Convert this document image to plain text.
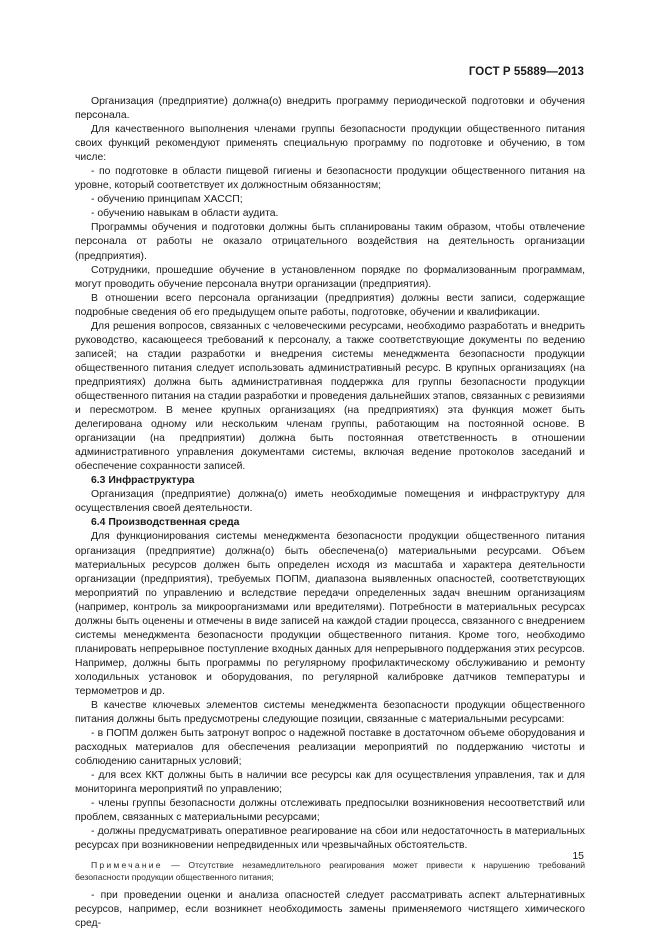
ГОСТ Р 55889—2013

Организация (предприятие) должна(о) внедрить программу периодической подготовки и обучения персонала.

Для качественного выполнения членами группы безопасности продукции общественного питания своих функций рекомендуют применять специальную программу по подготовке и обучению, в том числе:

- по подготовке в области пищевой гигиены и безопасности продукции общественного питания на уровне, который соответствует их должностным обязанностям;

- обучению принципам ХАССП;

- обучению навыкам в области аудита.

Программы обучения и подготовки должны быть спланированы таким образом, чтобы отвлечение персонала от работы не оказало отрицательного воздействия на деятельность организации (предприятия).

Сотрудники, прошедшие обучение в установленном порядке по формализованным программам, могут проводить обучение персонала внутри организации (предприятия).

В отношении всего персонала организации (предприятия) должны вести записи, содержащие подробные сведения об его предыдущем опыте работы, подготовке, обучении и квалификации.

Для решения вопросов, связанных с человеческими ресурсами, необходимо разработать и внедрить руководство, касающееся требований к персоналу, а также соответствующие документы по ведению записей; на стадии разработки и внедрения системы менеджмента безопасности продукции общественного питания следует использовать административный ресурс. В крупных организациях (на предприятиях) должна быть административная поддержка для группы безопасности продукции общественного питания на стадии разработки и проведения дальнейших этапов, связанных с ревизиями и пересмотром. В менее крупных организациях (на предприятиях) эта функция может быть делегирована одному или нескольким членам группы, работающим на постоянной основе. В организации (на предприятии) должна быть постоянная ответственность в отношении административного управления документами системы, включая ведение протоколов заседаний и обеспечение сохранности записей.

6.3 Инфраструктура

Организация (предприятие) должна(о) иметь необходимые помещения и инфраструктуру для осуществления своей деятельности.

6.4 Производственная среда

Для функционирования системы менеджмента безопасности продукции общественного питания организация (предприятие) должна(о) быть обеспечена(о) материальными ресурсами. Объем материальных ресурсов должен быть определен исходя из масштаба и характера деятельности организации (предприятия), требуемых ПОПМ, диапазона выявленных опасностей, соответствующих мероприятий по управлению и вследствие передачи определенных задач внешним организациям (например, контроль за микроорганизмами или вредителями). Потребности в материальных ресурсах должны быть оценены и отмечены в виде записей на каждой стадии процесса, связанного с внедрением системы менеджмента безопасности продукции общественного питания. Кроме того, необходимо планировать непрерывное поступление входных данных для непрерывного поддержания этих ресурсов. Например, должны быть программы по регулярному профилактическому обслуживанию и ремонту холодильных установок и оборудования, по регулярной калибровке датчиков температуры и термометров и др.

В качестве ключевых элементов системы менеджмента безопасности продукции общественного питания должны быть предусмотрены следующие позиции, связанные с материальными ресурсами:

- в ПОПМ должен быть затронут вопрос о надежной поставке в достаточном объеме оборудования и расходных материалов для обеспечения реализации мероприятий по поддержанию чистоты и соблюдению санитарных условий;

- для всех ККТ должны быть в наличии все ресурсы как для осуществления управления, так и для мониторинга мероприятий по управлению;

- члены группы безопасности должны отслеживать предпосылки возникновения несоответствий или проблем, связанных с материальными ресурсами;

- должны предусматривать оперативное реагирование на сбои или недостаточность в материальных ресурсах при возникновении непредвиденных или чрезвычайных обстоятельств.

Примечание — Отсутствие незамедлительного реагирования может привести к нарушению требований безопасности продукции общественного питания;

- при проведении оценки и анализа опасностей следует рассматривать аспект альтернативных ресурсов, например, если возникнет необходимость замены применяемого чистящего химического сред-

15
